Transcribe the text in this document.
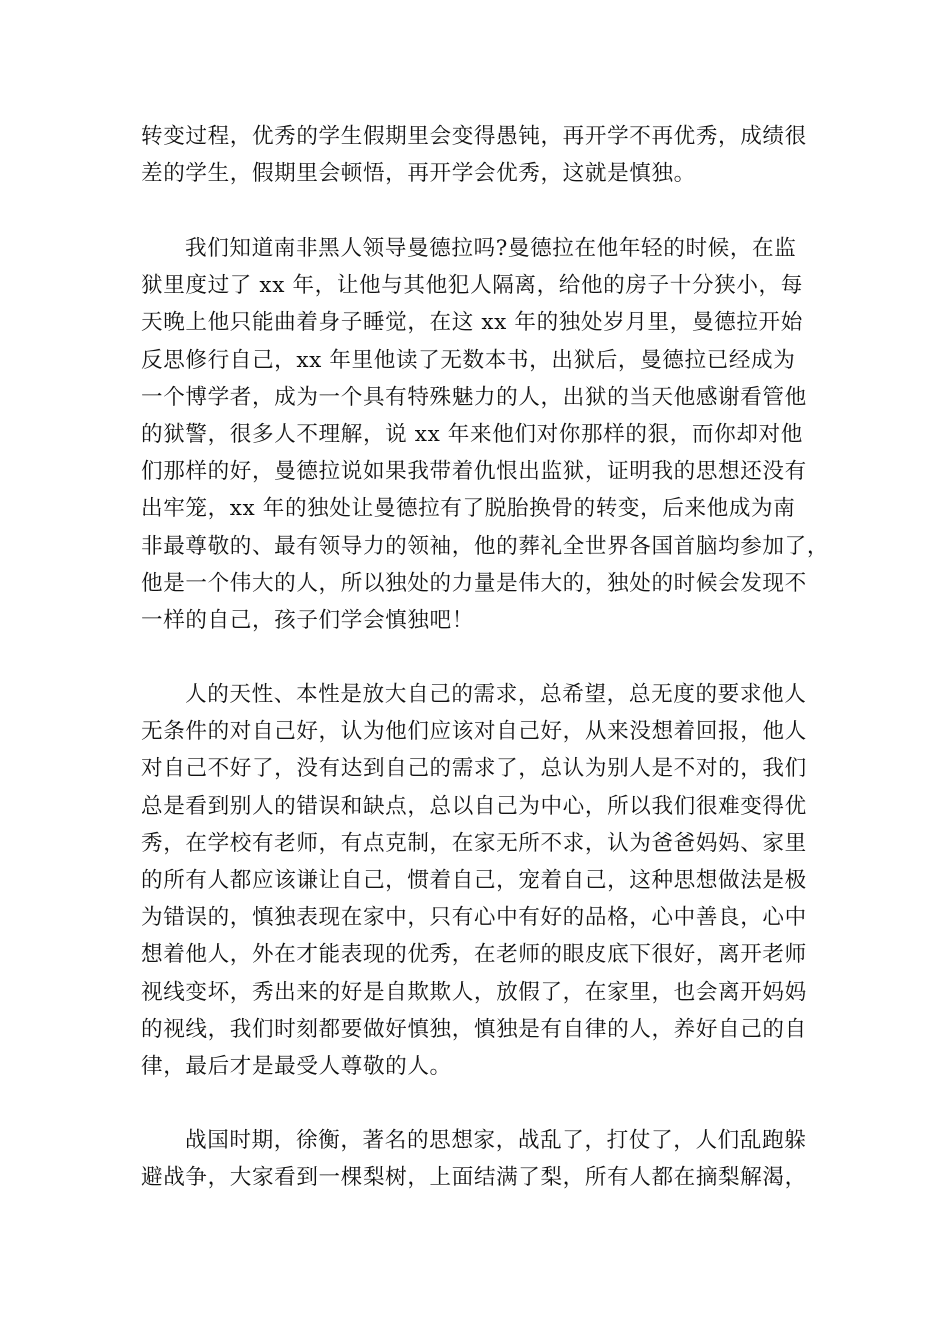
转变过程，优秀的学生假期里会变得愚钝，再开学不再优秀，成绩很
差的学生，假期里会顿悟，再开学会优秀，这就是慎独。
我们知道南非黑人领导曼德拉吗?曼德拉在他年轻的时候，在监
狱里度过了 xx 年，让他与其他犯人隔离，给他的房子十分狭小，每
天晚上他只能曲着身子睡觉，在这 xx 年的独处岁月里，曼德拉开始
反思修行自己，xx 年里他读了无数本书，出狱后，曼德拉已经成为
一个博学者，成为一个具有特殊魅力的人，出狱的当天他感谢看管他
的狱警，很多人不理解，说 xx 年来他们对你那样的狠，而你却对他
们那样的好，曼德拉说如果我带着仇恨出监狱，证明我的思想还没有
出牢笼，xx 年的独处让曼德拉有了脱胎换骨的转变，后来他成为南
非最尊敬的、最有领导力的领袖，他的葬礼全世界各国首脑均参加了，
他是一个伟大的人，所以独处的力量是伟大的，独处的时候会发现不
一样的自己，孩子们学会慎独吧！
人的天性、本性是放大自己的需求，总希望，总无度的要求他人
无条件的对自己好，认为他们应该对自己好，从来没想着回报，他人
对自己不好了，没有达到自己的需求了，总认为别人是不对的，我们
总是看到别人的错误和缺点，总以自己为中心，所以我们很难变得优
秀，在学校有老师，有点克制，在家无所不求，认为爸爸妈妈、家里
的所有人都应该谦让自己，惯着自己，宠着自己，这种思想做法是极
为错误的，慎独表现在家中，只有心中有好的品格，心中善良，心中
想着他人，外在才能表现的优秀，在老师的眼皮底下很好，离开老师
视线变坏，秀出来的好是自欺欺人，放假了，在家里，也会离开妈妈
的视线，我们时刻都要做好慎独，慎独是有自律的人，养好自己的自
律，最后才是最受人尊敬的人。
战国时期，徐衡，著名的思想家，战乱了，打仗了，人们乱跑躲
避战争，大家看到一棵梨树，上面结满了梨，所有人都在摘梨解渴，
